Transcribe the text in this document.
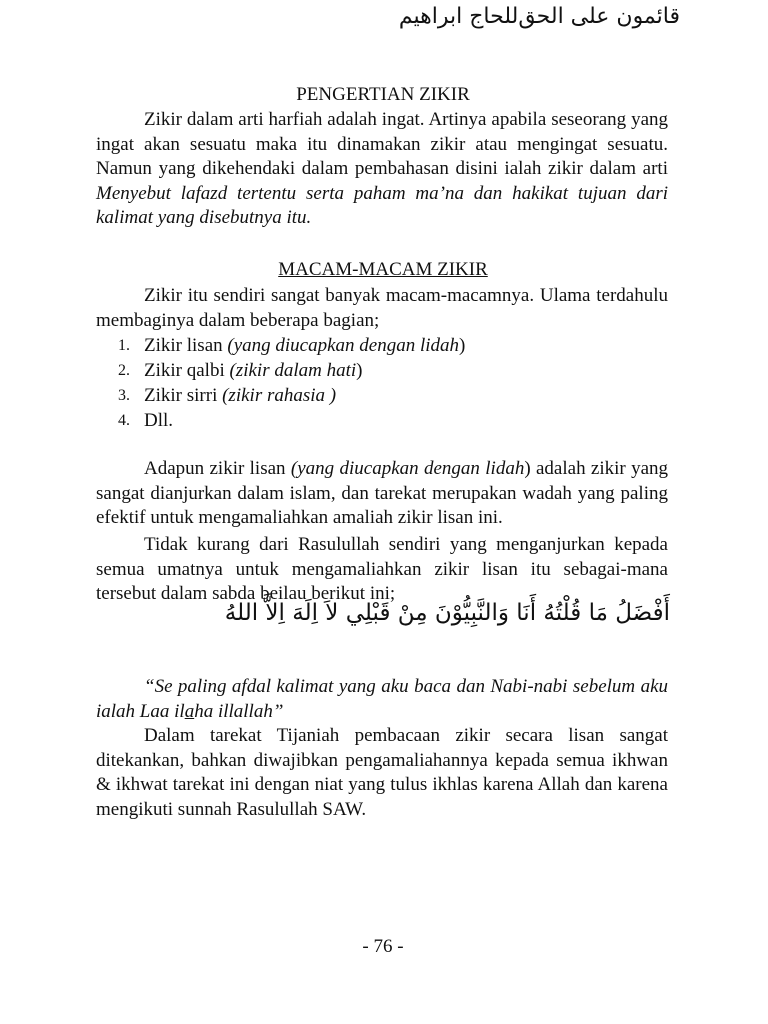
قائمون على الحقللحاج ابراهيم
PENGERTIAN ZIKIR
Zikir dalam arti harfiah adalah ingat. Artinya apabila seseorang yang ingat akan sesuatu maka itu dinamakan zikir atau mengingat sesuatu. Namun yang dikehendaki dalam pembahasan disini ialah zikir dalam arti Menyebut lafazd tertentu serta paham ma’na dan hakikat tujuan dari kalimat yang disebutnya itu.
MACAM-MACAM ZIKIR
Zikir itu sendiri sangat banyak macam-macamnya. Ulama terdahulu membaginya dalam beberapa bagian;
1. Zikir lisan (yang diucapkan dengan lidah)
2. Zikir qalbi (zikir dalam hati)
3. Zikir sirri (zikir rahasia )
4. Dll.
Adapun zikir lisan (yang diucapkan dengan lidah) adalah zikir yang sangat dianjurkan dalam islam, dan tarekat merupakan wadah yang paling efektif untuk mengamaliahkan amaliah zikir lisan ini.
Tidak kurang dari Rasulullah sendiri yang menganjurkan kepada semua umatnya untuk mengamaliahkan zikir lisan itu sebagai-mana tersebut dalam sabda beilau berikut ini;
أَفْضَلُ مَا قُلْتُهُ أَنَا وَالنَّبِيُّوْنَ مِنْ قَبْلِي لاَ اِلَهَ اِلاَّ اللهُ
“Se paling afdal kalimat yang aku baca dan Nabi-nabi sebelum aku ialah Laa ilaha illallah”
Dalam tarekat Tijaniah pembacaan zikir secara lisan sangat ditekankan, bahkan diwajibkan pengamaliahannya kepada semua ikhwan & ikhwat tarekat ini dengan niat yang tulus ikhlas karena Allah dan karena mengikuti sunnah Rasulullah SAW.
- 76 -
